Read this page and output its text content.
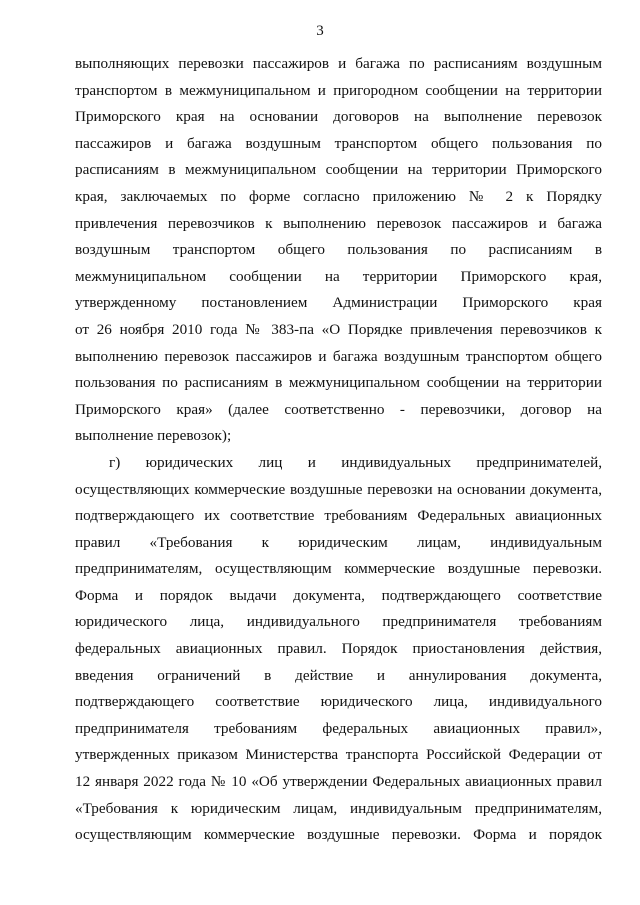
3
выполняющих перевозки пассажиров и багажа по расписаниям воздушным
транспортом в межмуниципальном и пригородном сообщении на территории
Приморского края на основании договоров на выполнение перевозок
пассажиров и багажа воздушным транспортом общего пользования по
расписаниям в межмуниципальном сообщении на территории Приморского
края, заключаемых по форме согласно приложению № 2 к Порядку
привлечения перевозчиков к выполнению перевозок пассажиров и багажа
воздушным транспортом общего пользования по расписаниям в
межмуниципальном сообщении на территории Приморского края,
утвержденному постановлением Администрации Приморского края
от 26 ноября 2010 года № 383-па «О Порядке привлечения перевозчиков к
выполнению перевозок пассажиров и багажа воздушным транспортом общего
пользования по расписаниям в межмуниципальном сообщении на территории
Приморского края» (далее соответственно - перевозчики, договор на
выполнение перевозок);
г) юридических лиц и индивидуальных предпринимателей,
осуществляющих коммерческие воздушные перевозки на основании документа,
подтверждающего их соответствие требованиям Федеральных авиационных
правил «Требования к юридическим лицам, индивидуальным
предпринимателям, осуществляющим коммерческие воздушные перевозки.
Форма и порядок выдачи документа, подтверждающего соответствие
юридического лица, индивидуального предпринимателя требованиям
федеральных авиационных правил. Порядок приостановления действия,
введения ограничений в действие и аннулирования документа,
подтверждающего соответствие юридического лица, индивидуального
предпринимателя требованиям федеральных авиационных правил»,
утвержденных приказом Министерства транспорта Российской Федерации от
12 января 2022 года № 10 «Об утверждении Федеральных авиационных правил
«Требования к юридическим лицам, индивидуальным предпринимателям,
осуществляющим коммерческие воздушные перевозки. Форма и порядок
